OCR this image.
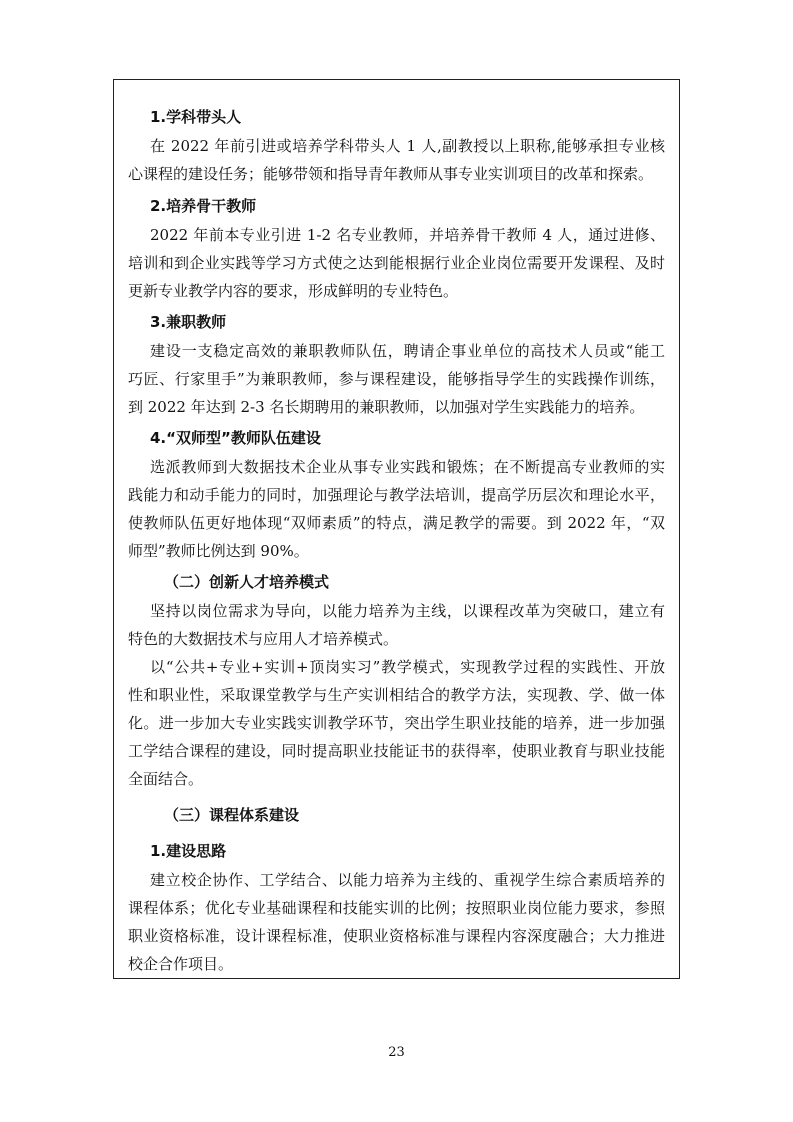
1.学科带头人
在 2022 年前引进或培养学科带头人 1 人,副教授以上职称,能够承担专业核
心课程的建设任务；能够带领和指导青年教师从事专业实训项目的改革和探索。
2.培养骨干教师
2022 年前本专业引进 1-2 名专业教师，并培养骨干教师 4 人，通过进修、
培训和到企业实践等学习方式使之达到能根据行业企业岗位需要开发课程、及时
更新专业教学内容的要求，形成鲜明的专业特色。
3.兼职教师
建设一支稳定高效的兼职教师队伍，聘请企事业单位的高技术人员或“能工
巧匠、行家里手”为兼职教师，参与课程建设，能够指导学生的实践操作训练，
到 2022 年达到 2-3 名长期聘用的兼职教师，以加强对学生实践能力的培养。
4.“双师型”教师队伍建设
选派教师到大数据技术企业从事专业实践和锻炼；在不断提高专业教师的实
践能力和动手能力的同时，加强理论与教学法培训，提高学历层次和理论水平，
使教师队伍更好地体现“双师素质”的特点，满足教学的需要。到 2022 年，“双
师型”教师比例达到 90%。
（二）创新人才培养模式
坚持以岗位需求为导向，以能力培养为主线，以课程改革为突破口，建立有
特色的大数据技术与应用人才培养模式。
以“公共+专业+实训+顶岗实习”教学模式，实现教学过程的实践性、开放
性和职业性，采取课堂教学与生产实训相结合的教学方法，实现教、学、做一体
化。进一步加大专业实践实训教学环节，突出学生职业技能的培养，进一步加强
工学结合课程的建设，同时提高职业技能证书的获得率，使职业教育与职业技能
全面结合。
（三）课程体系建设
1.建设思路
建立校企协作、工学结合、以能力培养为主线的、重视学生综合素质培养的
课程体系；优化专业基础课程和技能实训的比例；按照职业岗位能力要求，参照
职业资格标准，设计课程标准，使职业资格标准与课程内容深度融合；大力推进
校企合作项目。
23
